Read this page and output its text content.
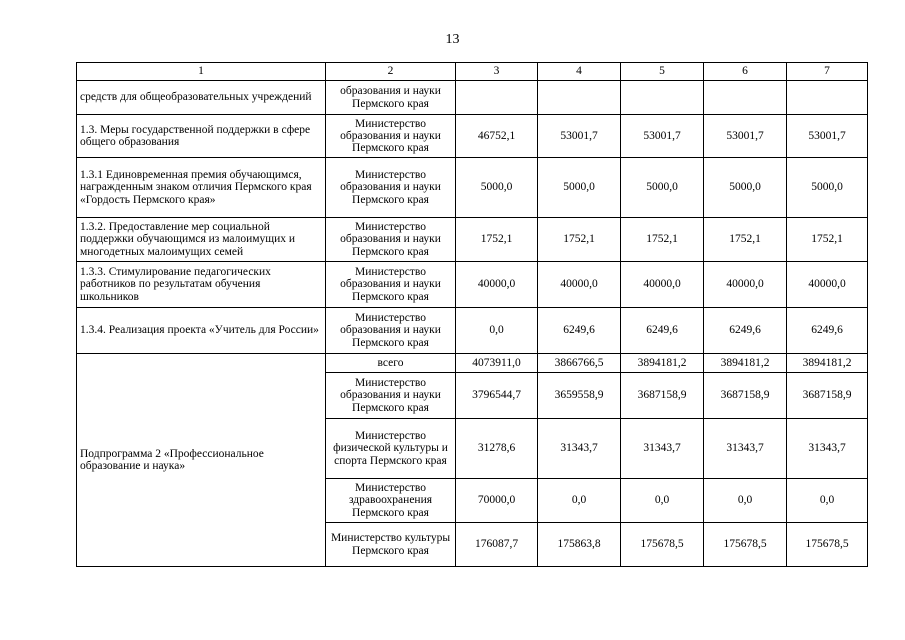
13
1	2	3	4	5	6	7
средств для общеобразовательных учреждений	образования и науки Пермского края					
1.3. Меры государственной поддержки в сфере общего образования	Министерство образования и науки Пермского края	46752,1	53001,7	53001,7	53001,7	53001,7
1.3.1 Единовременная премия обучающимся, награжденным знаком отличия Пермского края «Гордость Пермского края»	Министерство образования и науки Пермского края	5000,0	5000,0	5000,0	5000,0	5000,0
1.3.2. Предоставление мер социальной поддержки обучающимся из малоимущих и многодетных малоимущих семей	Министерство образования и науки Пермского края	1752,1	1752,1	1752,1	1752,1	1752,1
1.3.3. Стимулирование педагогических работников по результатам обучения школьников	Министерство образования и науки Пермского края	40000,0	40000,0	40000,0	40000,0	40000,0
1.3.4. Реализация проекта «Учитель для России»	Министерство образования и науки Пермского края	0,0	6249,6	6249,6	6249,6	6249,6
Подпрограмма 2 «Профессиональное образование и наука»	всего	4073911,0	3866766,5	3894181,2	3894181,2	3894181,2
	Министерство образования и науки Пермского края	3796544,7	3659558,9	3687158,9	3687158,9	3687158,9
	Министерство физической культуры и спорта Пермского края	31278,6	31343,7	31343,7	31343,7	31343,7
	Министерство здравоохранения Пермского края	70000,0	0,0	0,0	0,0	0,0
	Министерство культуры Пермского края	176087,7	175863,8	175678,5	175678,5	175678,5
